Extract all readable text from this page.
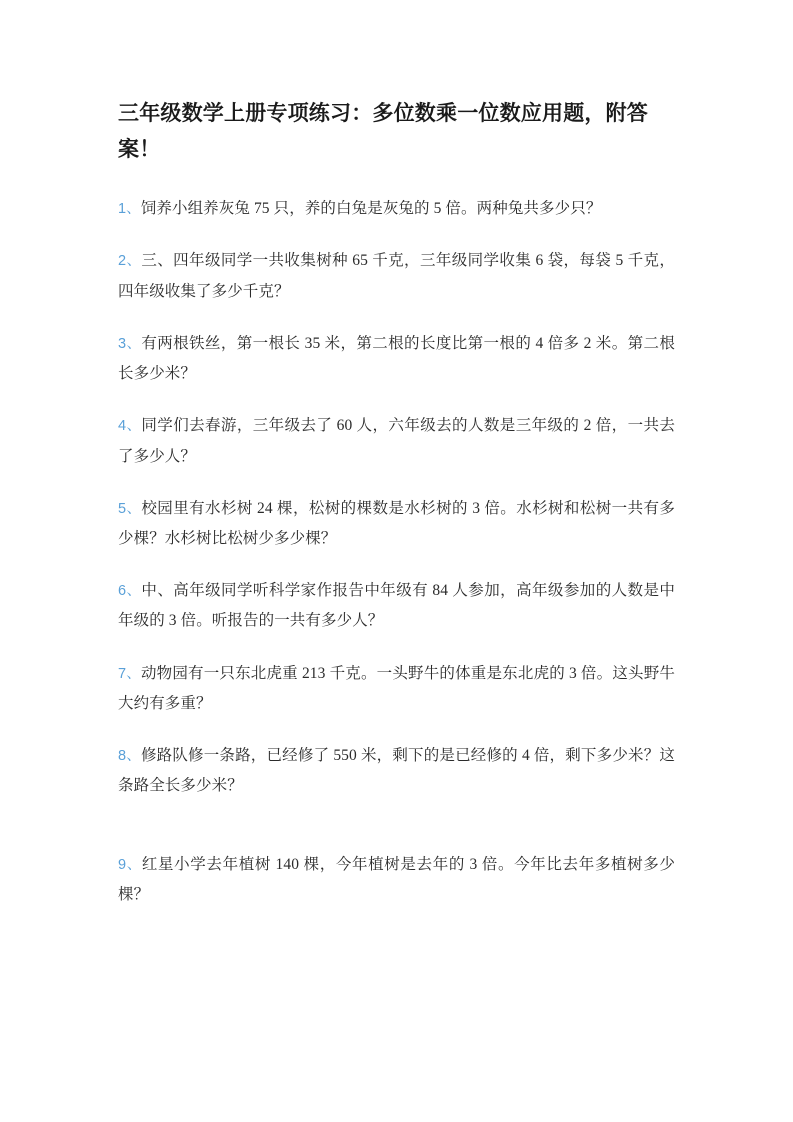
三年级数学上册专项练习：多位数乘一位数应用题，附答案！

1、饲养小组养灰兔 75 只，养的白兔是灰兔的 5 倍。两种兔共多少只？

2、三、四年级同学一共收集树种 65 千克，三年级同学收集 6 袋，每袋 5 千克，四年级收集了多少千克？

3、有两根铁丝，第一根长 35 米，第二根的长度比第一根的 4 倍多 2 米。第二根长多少米？

4、同学们去春游，三年级去了 60 人，六年级去的人数是三年级的 2 倍，一共去了多少人？

5、校园里有水杉树 24 棵，松树的棵数是水杉树的 3 倍。水杉树和松树一共有多少棵？水杉树比松树少多少棵？

6、中、高年级同学听科学家作报告中年级有 84 人参加，高年级参加的人数是中年级的 3 倍。听报告的一共有多少人？

7、动物园有一只东北虎重 213 千克。一头野牛的体重是东北虎的 3 倍。这头野牛大约有多重？

8、修路队修一条路，已经修了 550 米，剩下的是已经修的 4 倍，剩下多少米？这条路全长多少米？

9、红星小学去年植树 140 棵，今年植树是去年的 3 倍。今年比去年多植树多少棵？
